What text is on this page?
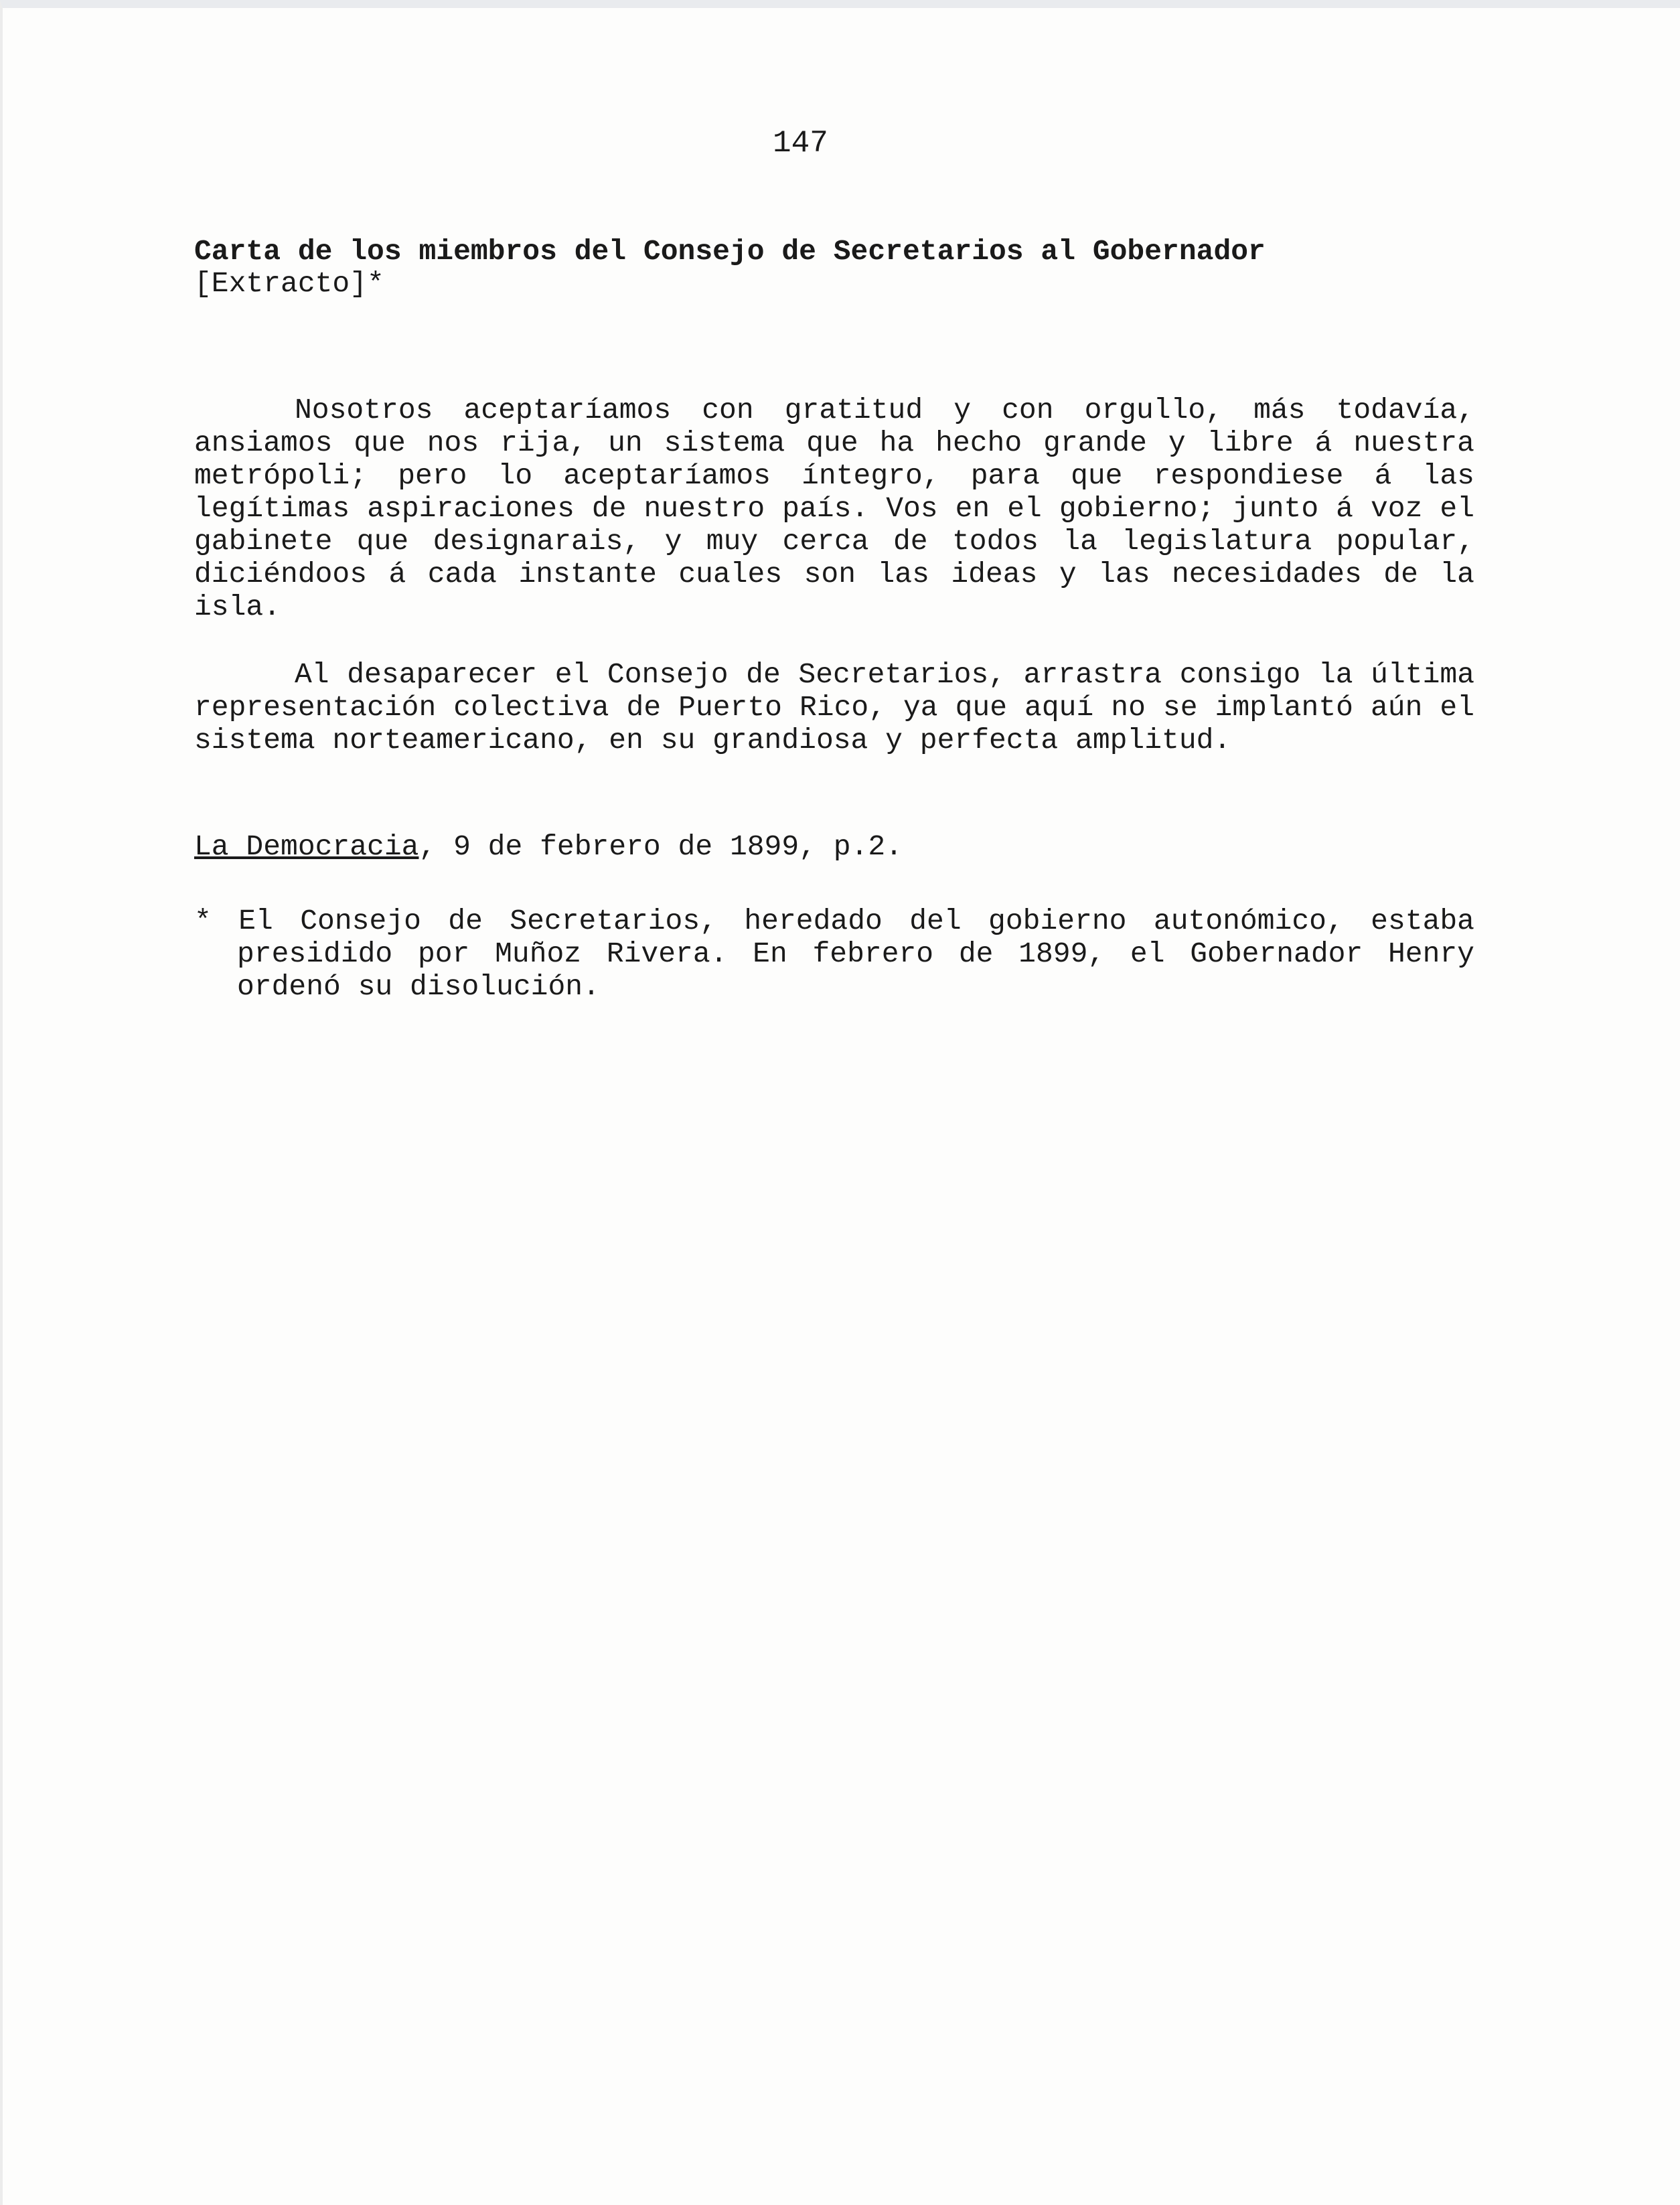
147

Carta de los miembros del Consejo de Secretarios al Gobernador

[Extracto]*

Nosotros aceptaríamos con gratitud y con orgullo, más todavía, ansiamos que nos rija, un sistema que ha hecho grande y libre á nuestra metrópoli; pero lo aceptaríamos íntegro, para que respondiese á las legítimas aspiraciones de nuestro país. Vos en el gobierno; junto á voz el gabinete que designarais, y muy cerca de todos la legislatura popular, diciéndoos á cada instante cuales son las ideas y las necesidades de la isla.

Al desaparecer el Consejo de Secretarios, arrastra consigo la última representación colectiva de Puerto Rico, ya que aquí no se implantó aún el sistema norteamericano, en su grandiosa y perfecta amplitud.

La Democracia, 9 de febrero de 1899, p.2.

* El Consejo de Secretarios, heredado del gobierno autonómico, estaba presidido por Muñoz Rivera. En febrero de 1899, el Gobernador Henry ordenó su disolución.
